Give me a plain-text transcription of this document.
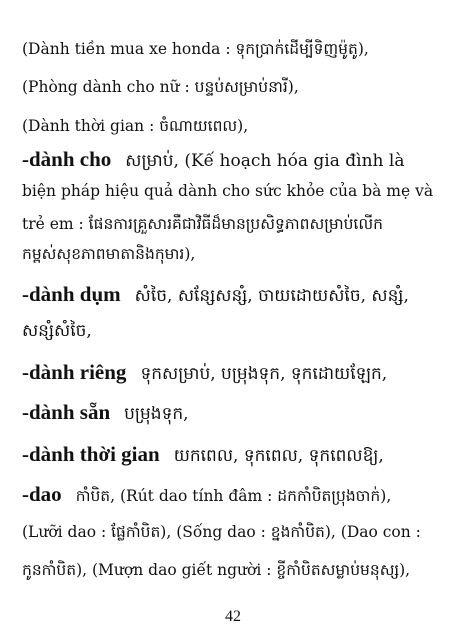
(Dành tiền mua xe honda : ទុកប្រាក់ដើម្បីទិញម៉ូតូ),
(Phòng dành cho nữ : បន្ទប់សម្រាប់នារី),
(Dành thời gian : ចំណាយពេល),
-dành cho សម្រាប់, (Kế hoạch hóa gia đình là
biện pháp hiệu quả dành cho sức khỏe của bà mẹ và
trẻ em : ផែនការគ្រួសារគឺជាវិធីដ៏មានប្រសិទ្ធភាពសម្រាប់លើក
កម្ពស់សុខភាពមាតានិងកុមារ),
-dành dụm សំចៃ, សន្សែសន្សំ, ចាយដោយសំចៃ, សន្សំ,
សន្សំសំចៃ,
-dành riêng ទុកសម្រាប់, បម្រុងទុក, ទុកដោយឡែក,
-dành sẵn បម្រុងទុក,
-dành thời gian យកពេល, ទុកពេល, ទុកពេលឱ្យ,
-dao កាំបិត, (Rút dao tính đâm : ដកកាំបិតប្រុងចាក់),
(Lưỡi dao : ផ្លែកាំបិត), (Sống dao : ខ្នងកាំបិត), (Dao con :
កូនកាំបិត), (Mượn dao giết người : ខ្ចីកាំបិតសម្លាប់មនុស្ស),
42
